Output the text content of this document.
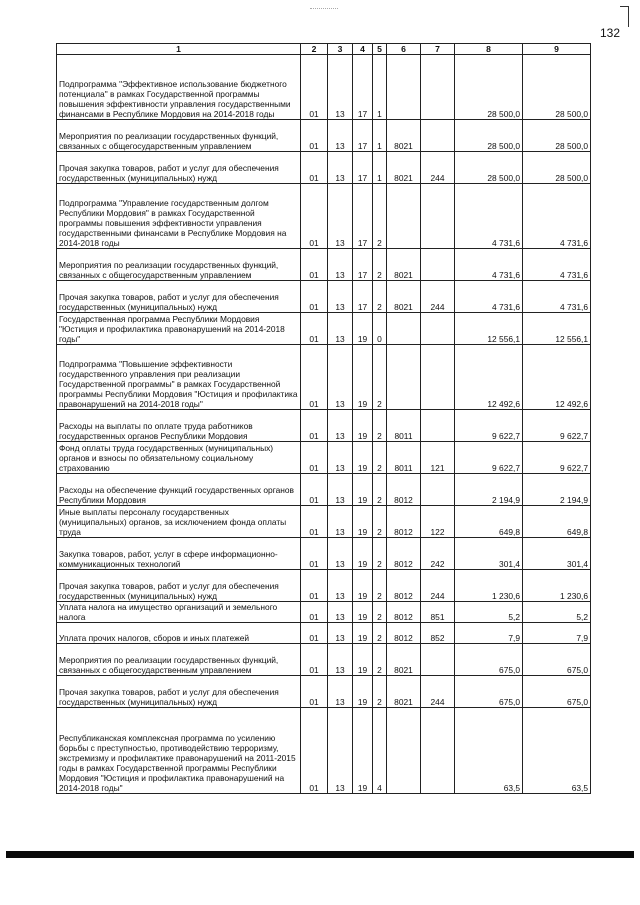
132
1	2	3	4	5	6	7	8	9
Подпрограмма "Эффективное использование бюджетного потенциала" в рамках Государственной программы повышения эффективности управления государственными финансами в Республике Мордовия на 2014-2018 годы	01	13	17	1			28 500,0	28 500,0
Мероприятия по реализации государственных функций, связанных с общегосударственным управлением	01	13	17	1	8021		28 500,0	28 500,0
Прочая закупка товаров, работ и услуг для обеспечения государственных (муниципальных) нужд	01	13	17	1	8021	244	28 500,0	28 500,0
Подпрограмма "Управление государственным долгом Республики Мордовия" в рамках Государственной программы повышения эффективности управления государственными финансами в Республике Мордовия на 2014-2018 годы	01	13	17	2			4 731,6	4 731,6
Мероприятия по реализации государственных функций, связанных с общегосударственным управлением	01	13	17	2	8021		4 731,6	4 731,6
Прочая закупка товаров, работ и услуг для обеспечения государственных (муниципальных) нужд	01	13	17	2	8021	244	4 731,6	4 731,6
Государственная программа Республики Мордовия "Юстиция и профилактика правонарушений на 2014-2018 годы"	01	13	19	0			12 556,1	12 556,1
Подпрограмма "Повышение эффективности государственного управления при реализации Государственной программы" в рамках Государственной программы Республики Мордовия "Юстиция и профилактика правонарушений на 2014-2018 годы"	01	13	19	2			12 492,6	12 492,6
Расходы на выплаты по оплате труда работников государственных органов Республики Мордовия	01	13	19	2	8011		9 622,7	9 622,7
Фонд оплаты труда государственных (муниципальных) органов и взносы по обязательному социальному страхованию	01	13	19	2	8011	121	9 622,7	9 622,7
Расходы на обеспечение функций государственных органов Республики Мордовия	01	13	19	2	8012		2 194,9	2 194,9
Иные выплаты персоналу государственных (муниципальных) органов, за исключением фонда оплаты труда	01	13	19	2	8012	122	649,8	649,8
Закупка товаров, работ, услуг в сфере информационно-коммуникационных технологий	01	13	19	2	8012	242	301,4	301,4
Прочая закупка товаров, работ и услуг для обеспечения государственных (муниципальных) нужд	01	13	19	2	8012	244	1 230,6	1 230,6
Уплата налога на имущество организаций и земельного налога	01	13	19	2	8012	851	5,2	5,2
Уплата прочих налогов, сборов и иных платежей	01	13	19	2	8012	852	7,9	7,9
Мероприятия по реализации государственных функций, связанных с общегосударственным управлением	01	13	19	2	8021		675,0	675,0
Прочая закупка товаров, работ и услуг для обеспечения государственных (муниципальных) нужд	01	13	19	2	8021	244	675,0	675,0
Республиканская комплексная программа по усилению борьбы с преступностью, противодействию терроризму, экстремизму и профилактике правонарушений на 2011-2015 годы в рамках Государственной программы Республики Мордовия "Юстиция и профилактика правонарушений на 2014-2018 годы"	01	13	19	4			63,5	63,5
